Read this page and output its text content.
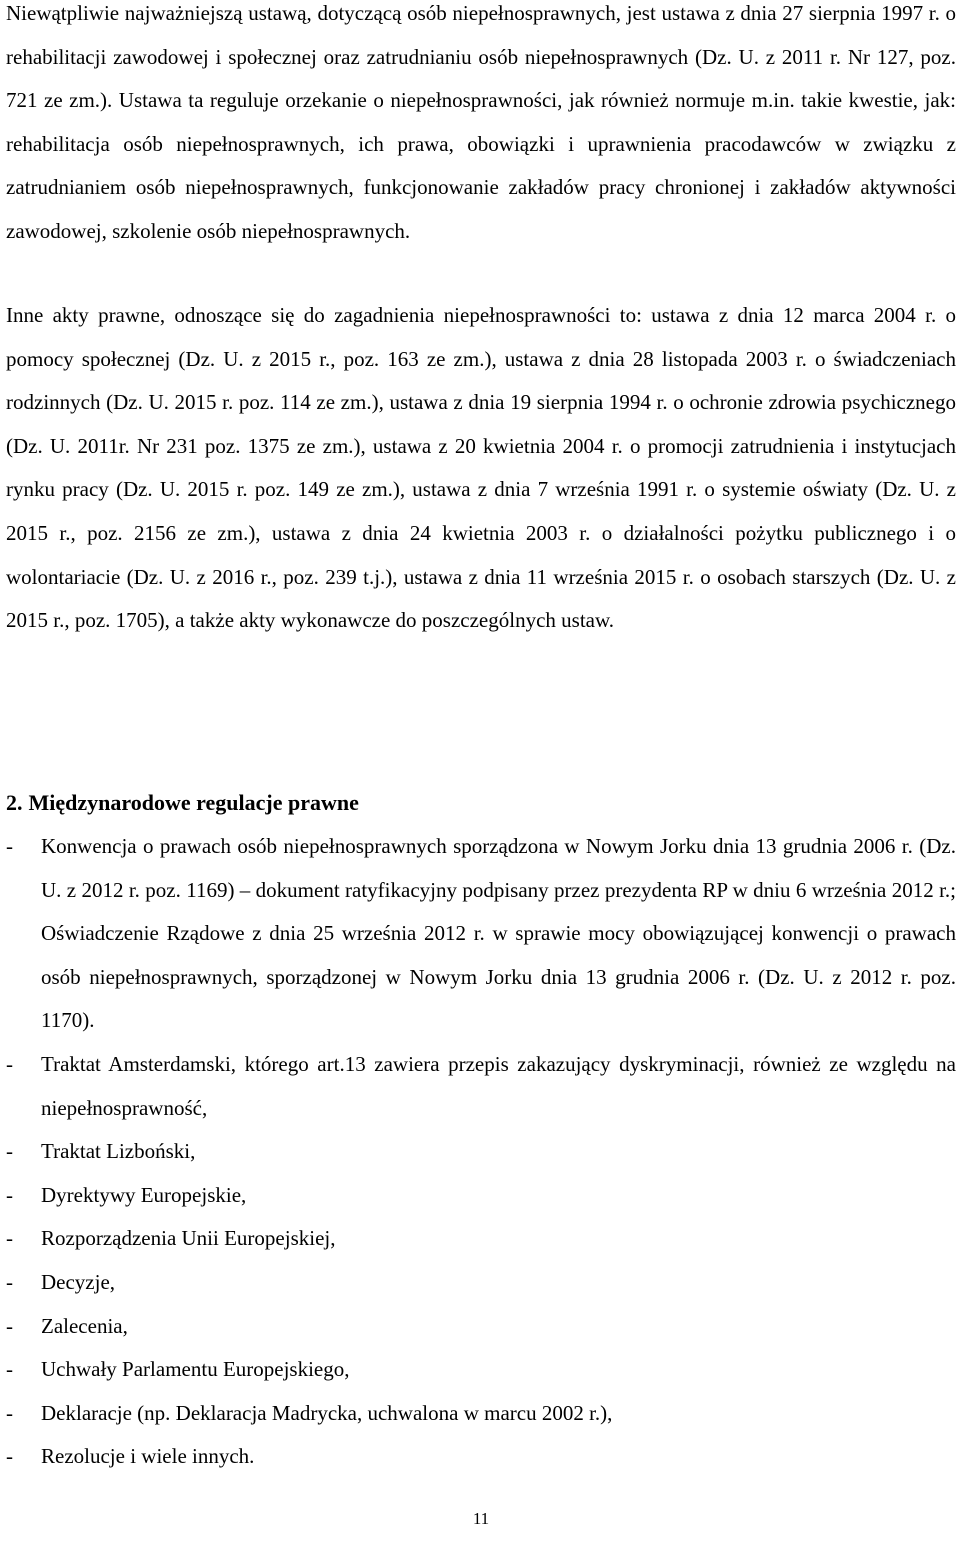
Niewątpliwie najważniejszą ustawą, dotyczącą osób niepełnosprawnych, jest ustawa z dnia 27 sierpnia 1997 r. o rehabilitacji zawodowej i społecznej oraz zatrudnianiu osób niepełnosprawnych (Dz. U. z 2011 r. Nr 127, poz. 721 ze zm.). Ustawa ta reguluje orzekanie o niepełnosprawności, jak również normuje m.in. takie kwestie, jak: rehabilitacja osób niepełnosprawnych, ich prawa, obowiązki i uprawnienia pracodawców w związku z zatrudnianiem osób niepełnosprawnych, funkcjonowanie zakładów pracy chronionej i zakładów aktywności zawodowej, szkolenie osób niepełnosprawnych.

Inne akty prawne, odnoszące się do zagadnienia niepełnosprawności to: ustawa z dnia 12 marca 2004 r. o pomocy społecznej (Dz. U. z 2015 r., poz. 163 ze zm.), ustawa z dnia 28 listopada 2003 r. o świadczeniach rodzinnych (Dz. U. 2015 r. poz. 114 ze zm.), ustawa z dnia 19 sierpnia 1994 r. o ochronie zdrowia psychicznego (Dz. U. 2011r. Nr 231 poz. 1375 ze zm.), ustawa z 20 kwietnia 2004 r. o promocji zatrudnienia i instytucjach rynku pracy (Dz. U. 2015 r. poz. 149 ze zm.), ustawa z dnia 7 września 1991 r. o systemie oświaty (Dz. U. z 2015 r., poz. 2156 ze zm.), ustawa z dnia 24 kwietnia 2003 r. o działalności pożytku publicznego i o wolontariacie (Dz. U. z 2016 r., poz. 239 t.j.), ustawa z dnia 11 września 2015 r. o osobach starszych (Dz. U. z 2015 r., poz. 1705), a także akty wykonawcze do poszczególnych ustaw.

2. Międzynarodowe regulacje prawne
- Konwencja o prawach osób niepełnosprawnych sporządzona w Nowym Jorku dnia 13 grudnia 2006 r. (Dz. U. z 2012 r. poz. 1169) – dokument ratyfikacyjny podpisany przez prezydenta RP w dniu 6 września 2012 r.; Oświadczenie Rządowe z dnia 25 września 2012 r. w sprawie mocy obowiązującej konwencji o prawach osób niepełnosprawnych, sporządzonej w Nowym Jorku dnia 13 grudnia 2006 r. (Dz. U. z 2012 r. poz. 1170).
- Traktat Amsterdamski, którego art.13 zawiera przepis zakazujący dyskryminacji, również ze względu na niepełnosprawność,
- Traktat Lizboński,
- Dyrektywy Europejskie,
- Rozporządzenia Unii Europejskiej,
- Decyzje,
- Zalecenia,
- Uchwały Parlamentu Europejskiego,
- Deklaracje (np. Deklaracja Madrycka, uchwalona w marcu 2002 r.),
- Rezolucje i wiele innych.
11
